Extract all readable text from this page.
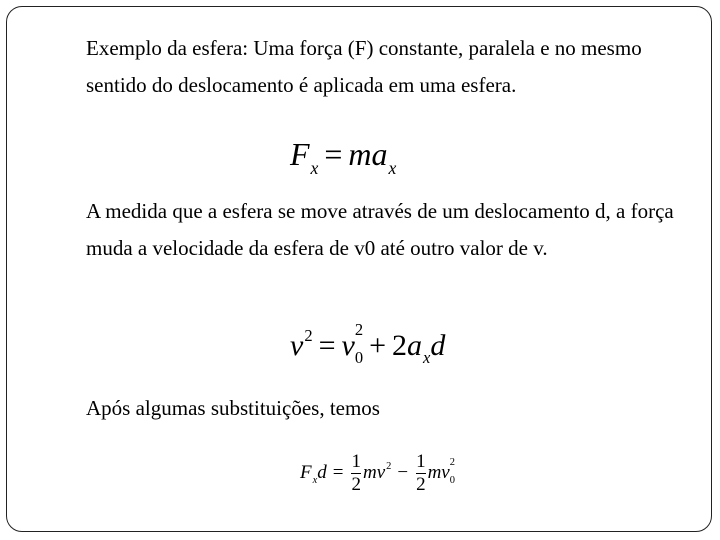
Exemplo da esfera: Uma força (F) constante, paralela e no mesmo sentido do deslocamento é aplicada em uma esfera.

$F_x = ma_x$

A medida que a esfera se move através de um deslocamento d, a força muda a velocidade da esfera de v0 até outro valor de v.

$v^2 = v$ 2
$_0 + 2a_xd$

Após algumas substituições, temos

$F_xd = \frac{1}{2} mv^2 - \frac{1}{2}$ mv 2
$_0$
